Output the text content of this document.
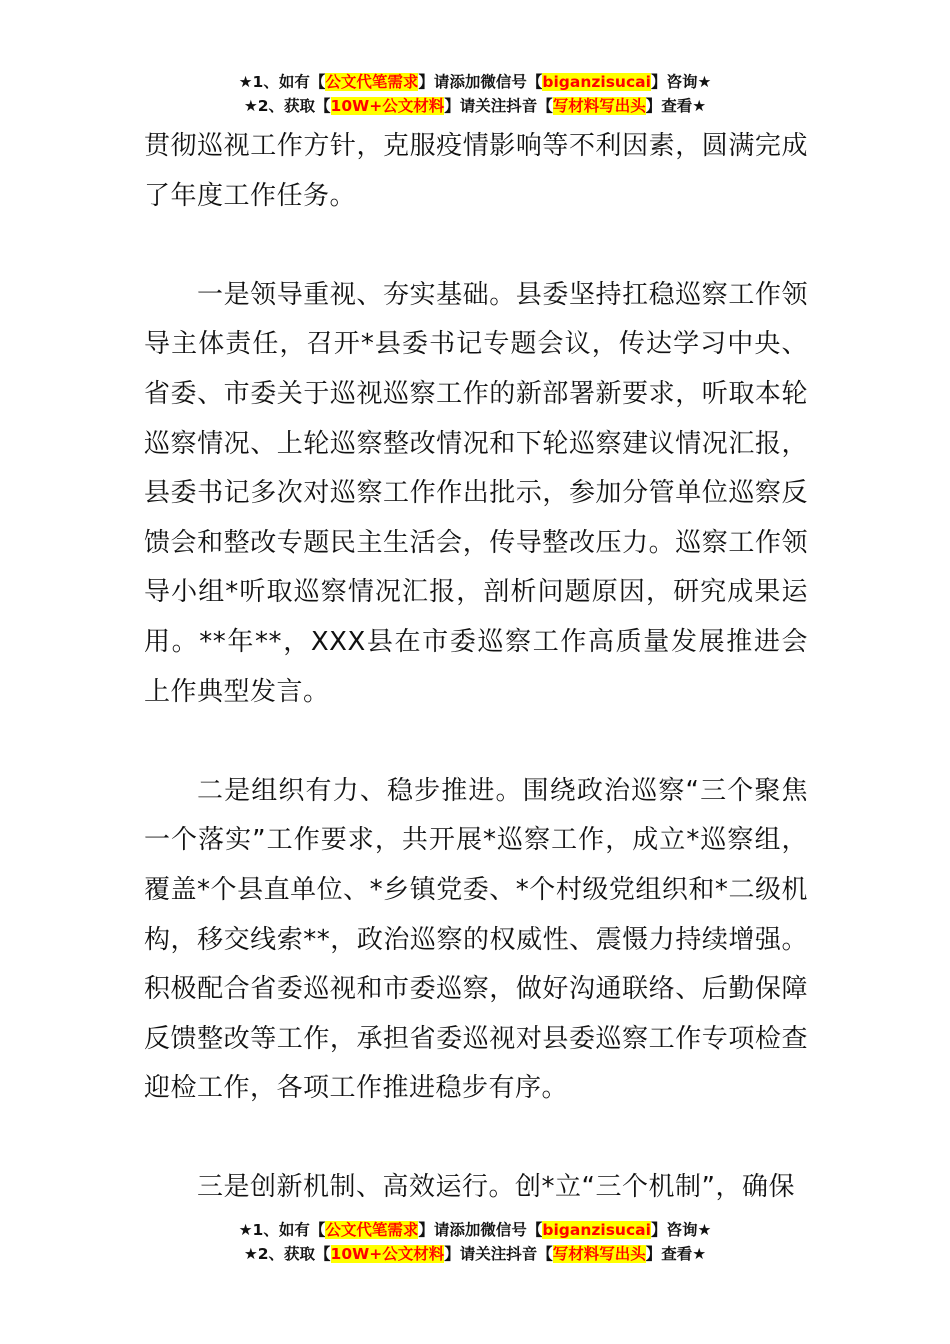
★1、如有【公文代笔需求】请添加微信号【biganzisucai】咨询★
★2、获取【10W+公文材料】请关注抖音【写材料写出头】查看★

贯彻巡视工作方针，克服疫情影响等不利因素，圆满完成了年度工作任务。

一是领导重视、夯实基础。县委坚持扛稳巡察工作领导主体责任，召开*县委书记专题会议，传达学习中央、省委、市委关于巡视巡察工作的新部署新要求，听取本轮巡察情况、上轮巡察整改情况和下轮巡察建议情况汇报，县委书记多次对巡察工作作出批示，参加分管单位巡察反馈会和整改专题民主生活会，传导整改压力。巡察工作领导小组*听取巡察情况汇报，剖析问题原因，研究成果运用。**年**，XXX县在市委巡察工作高质量发展推进会上作典型发言。

二是组织有力、稳步推进。围绕政治巡察“三个聚焦一个落实”工作要求，共开展*巡察工作，成立*巡察组，覆盖*个县直单位、*乡镇党委、*个村级党组织和*二级机构，移交线索**，政治巡察的权威性、震慑力持续增强。积极配合省委巡视和市委巡察，做好沟通联络、后勤保障反馈整改等工作，承担省委巡视对县委巡察工作专项检查迎检工作，各项工作推进稳步有序。

三是创新机制、高效运行。创*立“三个机制”，确保

★1、如有【公文代笔需求】请添加微信号【biganzisucai】咨询★
★2、获取【10W+公文材料】请关注抖音【写材料写出头】查看★
